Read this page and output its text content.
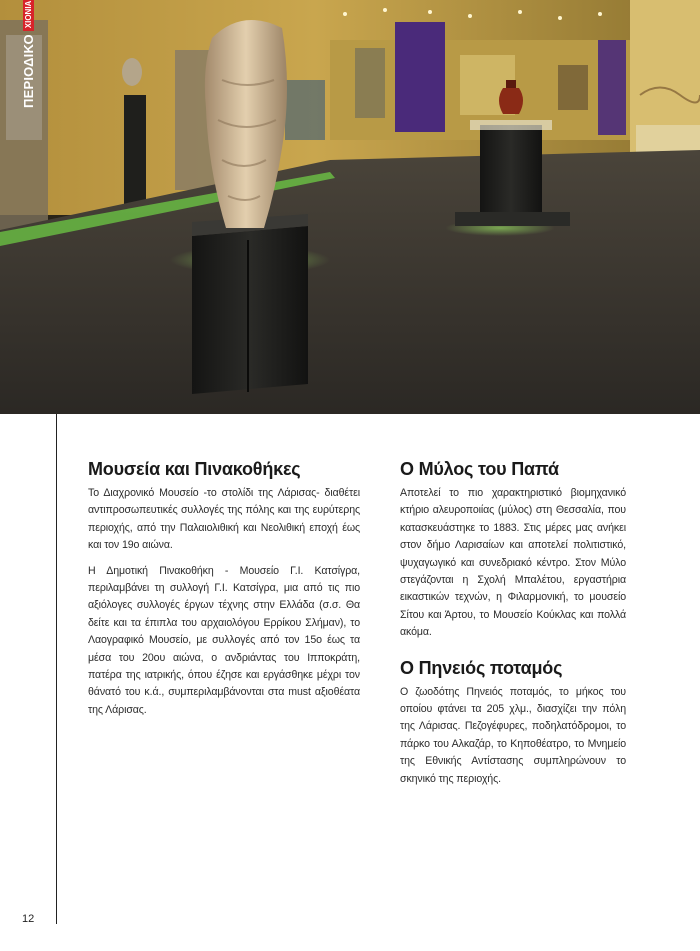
ΠΕΡΙΟΔΙΚΟ
ΧΙΟΝΙΑ
12
Μουσεία και Πινακοθήκες

Το Διαχρονικό Μουσείο -το στολίδι της Λάρισας- διαθέτει αντιπροσωπευτικές συλλογές της πόλης και της ευρύτερης περιοχής, από την Παλαιολιθική και Νεολιθική εποχή έως και τον 19ο αιώνα.

Η Δημοτική Πινακοθήκη - Μουσείο Γ.Ι. Κατσίγρα, περιλαμβάνει τη συλλογή Γ.Ι. Κατσίγρα, μια από τις πιο αξιόλογες συλλογές έργων τέχνης στην Ελλάδα (σ.σ. Θα δείτε και τα έπιπλα του αρχαιολόγου Ερρίκου Σλήμαν), το Λαογραφικό Μουσείο, με συλλογές από τον 15ο έως τα μέσα του 20ου αιώνα, ο ανδριάντας του Ιπποκράτη, πατέρα της ιατρικής, όπου έζησε και εργάσθηκε μέχρι τον θάνατό του κ.ά., συμπεριλαμβάνονται στα must αξιοθέατα της Λάρισας.

Ο Μύλος του Παπά

Αποτελεί το πιο χαρακτηριστικό βιομηχανικό κτήριο αλευροποιίας (μύλος) στη Θεσσαλία, που κατασκευάστηκε το 1883. Στις μέρες μας ανήκει στον δήμο Λαρισαίων και αποτελεί πολιτιστικό, ψυχαγωγικό και συνεδριακό κέντρο. Στον Μύλο στεγάζονται η Σχολή Μπαλέτου, εργαστήρια εικαστικών τεχνών, η Φιλαρμονική, το μουσείο Σίτου και Άρτου, το Μουσείο Κούκλας και πολλά ακόμα.

Ο Πηνειός ποταμός

Ο ζωοδότης Πηνειός ποταμός, το μήκος του οποίου φτάνει τα 205 χλμ., διασχίζει την πόλη της Λάρισας. Πεζογέφυρες, ποδηλατόδρομοι, το πάρκο του Αλκαζάρ, το Κηποθέατρο, το Μνημείο της Εθνικής Αντίστασης συμπληρώνουν το σκηνικό της περιοχής.
